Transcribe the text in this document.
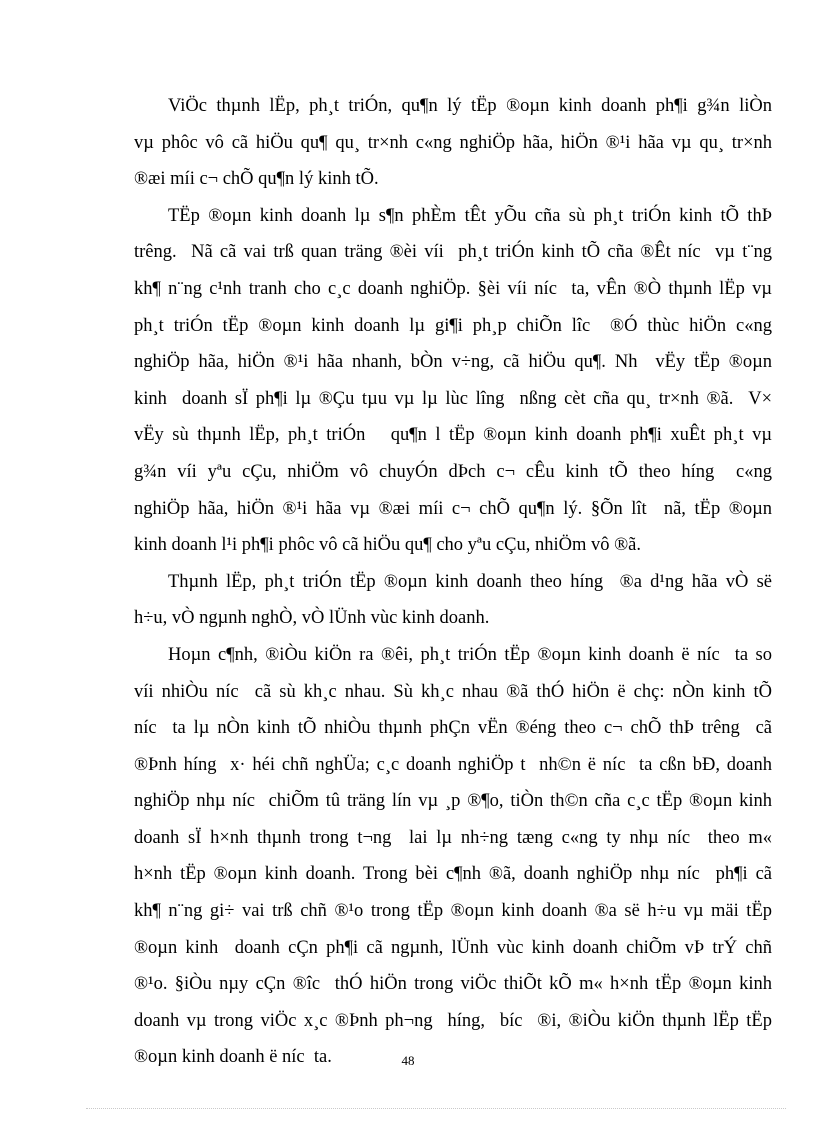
ViÖc thµnh lËp, ph¸t triÓn, qu¶n lý tËp ®oµn kinh doanh ph¶i g¾n liÒn
vµ phôc vô cã hiÖu qu¶ qu¸ tr×nh c«ng nghiÖp hãa, hiÖn ®¹i hãa vµ qu¸ tr×nh
®æi míi c¬ chÕ qu¶n lý kinh tÕ.
TËp ®oµn kinh doanh lµ s¶n phÈm tÊt yÕu cña sù ph¸t triÓn kinh tÕ thÞ
trêng.  Nã cã vai trß quan träng ®èi víi  ph¸t triÓn kinh tÕ cña ®Êt níc  vµ t¨ng
kh¶ n¨ng c¹nh tranh cho c¸c doanh nghiÖp. §èi víi níc  ta, vÊn ®Ò thµnh lËp vµ
ph¸t triÓn tËp ®oµn kinh doanh lµ gi¶i ph¸p chiÕn lîc  ®Ó thùc hiÖn c«ng
nghiÖp hãa, hiÖn ®¹i hãa nhanh, bÒn v÷ng, cã hiÖu qu¶. Nh  vËy tËp ®oµn
kinh  doanh sÏ ph¶i lµ ®Çu tµu vµ lµ lùc lîng  nßng cèt cña qu¸ tr×nh ®ã.  V×
vËy sù thµnh lËp, ph¸t triÓn   qu¶n l tËp ®oµn kinh doanh ph¶i xuÊt ph¸t vµ
g¾n víi yªu cÇu, nhiÖm vô chuyÓn dÞch c¬ cÊu kinh tÕ theo híng  c«ng
nghiÖp hãa, hiÖn ®¹i hãa vµ ®æi míi c¬ chÕ qu¶n lý. §Õn lît  nã, tËp ®oµn
kinh doanh l¹i ph¶i phôc vô cã hiÖu qu¶ cho yªu cÇu, nhiÖm vô ®ã.
Thµnh lËp, ph¸t triÓn tËp ®oµn kinh doanh theo híng  ®a d¹ng hãa vÒ së
h÷u, vÒ ngµnh nghÒ, vÒ lÜnh vùc kinh doanh.
Hoµn c¶nh, ®iÒu kiÖn ra ®êi, ph¸t triÓn tËp ®oµn kinh doanh ë níc  ta so
víi nhiÒu níc  cã sù kh¸c nhau. Sù kh¸c nhau ®ã thÓ hiÖn ë chç: nÒn kinh tÕ
níc  ta lµ nÒn kinh tÕ nhiÒu thµnh phÇn vËn ®éng theo c¬ chÕ thÞ trêng  cã
®Þnh híng  x· héi chñ nghÜa; c¸c doanh nghiÖp t  nh©n ë níc  ta cßn bÐ, doanh
nghiÖp nhµ níc  chiÕm tû träng lín vµ ¸p ®¶o, tiÒn th©n cña c¸c tËp ®oµn kinh
doanh sÏ h×nh thµnh trong t¬ng  lai lµ nh÷ng tæng c«ng ty nhµ níc  theo m«
h×nh tËp ®oµn kinh doanh. Trong bèi c¶nh ®ã, doanh nghiÖp nhµ níc  ph¶i cã
kh¶ n¨ng gi÷ vai trß chñ ®¹o trong tËp ®oµn kinh doanh ®a së h÷u vµ mäi tËp
®oµn kinh  doanh cÇn ph¶i cã ngµnh, lÜnh vùc kinh doanh chiÕm vÞ trÝ chñ
®¹o. §iÒu nµy cÇn ®îc  thÓ hiÖn trong viÖc thiÕt kÕ m« h×nh tËp ®oµn kinh
doanh vµ trong viÖc x¸c ®Þnh ph¬ng  híng,  bíc  ®i, ®iÒu kiÖn thµnh lËp tËp
®oµn kinh doanh ë níc  ta.	48
